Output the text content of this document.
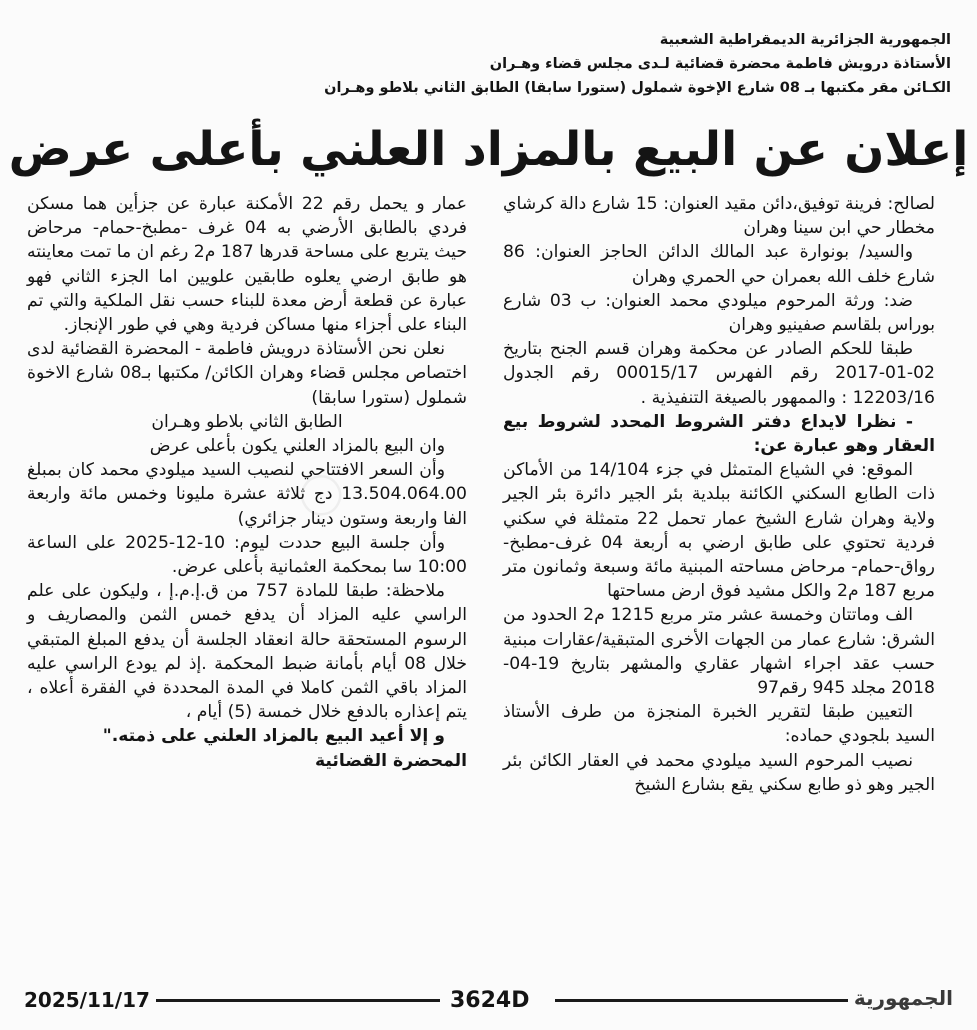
◯
الجمهورية الجزائرية الديمقراطية الشعبية
الأستاذة درويش فاطمة محضرة قضائية لـدى مجلس قضاء وهـران
الكـائن مقر مكتبها بـ 08 شارع الإخوة شملول (ستورا سابقا) الطابق الثاني بلاطو وهـران
إعلان عن البيع بالمزاد العلني بأعلى عرض

لصالح: فرينة توفيق،دائن مقيد العنوان: 15 شارع دالة كرشاي مخطار حي ابن سينا وهران

والسيد/ بونوارة عبد المالك الدائن الحاجز العنوان: 86 شارع خلف الله بعمران حي الحمري وهران

ضد: ورثة المرحوم ميلودي محمد العنوان: ب 03 شارع بوراس بلقاسم صفينيو وهران

طبقا للحكم الصادر عن محكمة وهران قسم الجنح بتاريخ 02-01-2017 رقم الفهرس 00015/17 رقم الجدول 12203/16 : والممهور بالصيغة التنفيذية .

- نظرا لايداع دفتر الشروط المحدد لشروط بيع العقار وهو عبارة عن:

الموقع: في الشياع المتمثل في جزء 14/104 من الأماكن ذات الطابع السكني الكائنة ببلدية بئر الجير دائرة بئر الجير ولاية وهران شارع الشيخ عمار تحمل 22 متمثلة في سكني فردية تحتوي على طابق ارضي به أربعة 04 غرف-مطبخ-رواق-حمام- مرحاض مساحته المبنية مائة وسبعة وثمانون متر مربع 187 م2 والكل مشيد فوق ارض مساحتها

الف وماتتان وخمسة عشر متر مربع 1215 م2 الحدود من الشرق: شارع عمار من الجهات الأخرى المتبقية/عقارات مبنية حسب عقد اجراء اشهار عقاري والمشهر بتاريخ 19-04-2018 مجلد 945 رقم97

التعيين طبقا لتقرير الخبرة المنجزة من طرف الأستاذ السيد بلجودي حماده:

نصيب المرحوم السيد ميلودي محمد في العقار الكائن بئر الجير وهو ذو طابع سكني يقع بشارع الشيخ

عمار و يحمل رقم 22 الأمكنة عبارة عن جزأين هما مسكن فردي بالطابق الأرضي به 04 غرف -مطبخ-حمام- مرحاض حيث يتربع على مساحة قدرها 187 م2 رغم ان ما تمت معاينته هو طابق ارضي يعلوه طابقين علويين اما الجزء الثاني فهو عبارة عن قطعة أرض معدة للبناء حسب نقل الملكية والتي تم البناء على أجزاء منها مساكن فردية وهي في طور الإنجاز.

نعلن نحن الأستاذة درويش فاطمة - المحضرة القضائية لدى اختصاص مجلس قضاء وهران الكائن/ مكتبها بـ08 شارع الاخوة شملول (ستورا سابقا)

الطابق الثاني بلاطو وهـران

وان البيع بالمزاد العلني يكون بأعلى عرض

وأن السعر الافتتاحي لنصيب السيد ميلودي محمد كان بمبلغ 13.504.064.00 دج ثلاثة عشرة مليونا وخمس مائة واربعة الفا واربعة وستون دينار جزائري)

وأن جلسة البيع حددت ليوم: 10-12-2025 على الساعة 10:00 سا بمحكمة العثمانية بأعلى عرض.

ملاحظة: طبقا للمادة 757 من ق.إ.م.إ ، وليكون على علم الراسي عليه المزاد أن يدفع خمس الثمن والمصاريف و الرسوم المستحقة حالة انعقاد الجلسة أن يدفع المبلغ المتبقي خلال 08 أيام بأمانة ضبط المحكمة .إذ لم يودع الراسي عليه المزاد باقي الثمن كاملا في المدة المحددة في الفقرة أعلاه ، يتم إعذاره بالدفع خلال خمسة (5) أيام ،

و إلا أعيد البيع بالمزاد العلني على ذمته."

المحضرة القضائية

2025/11/17	3624D	الجمهورية
